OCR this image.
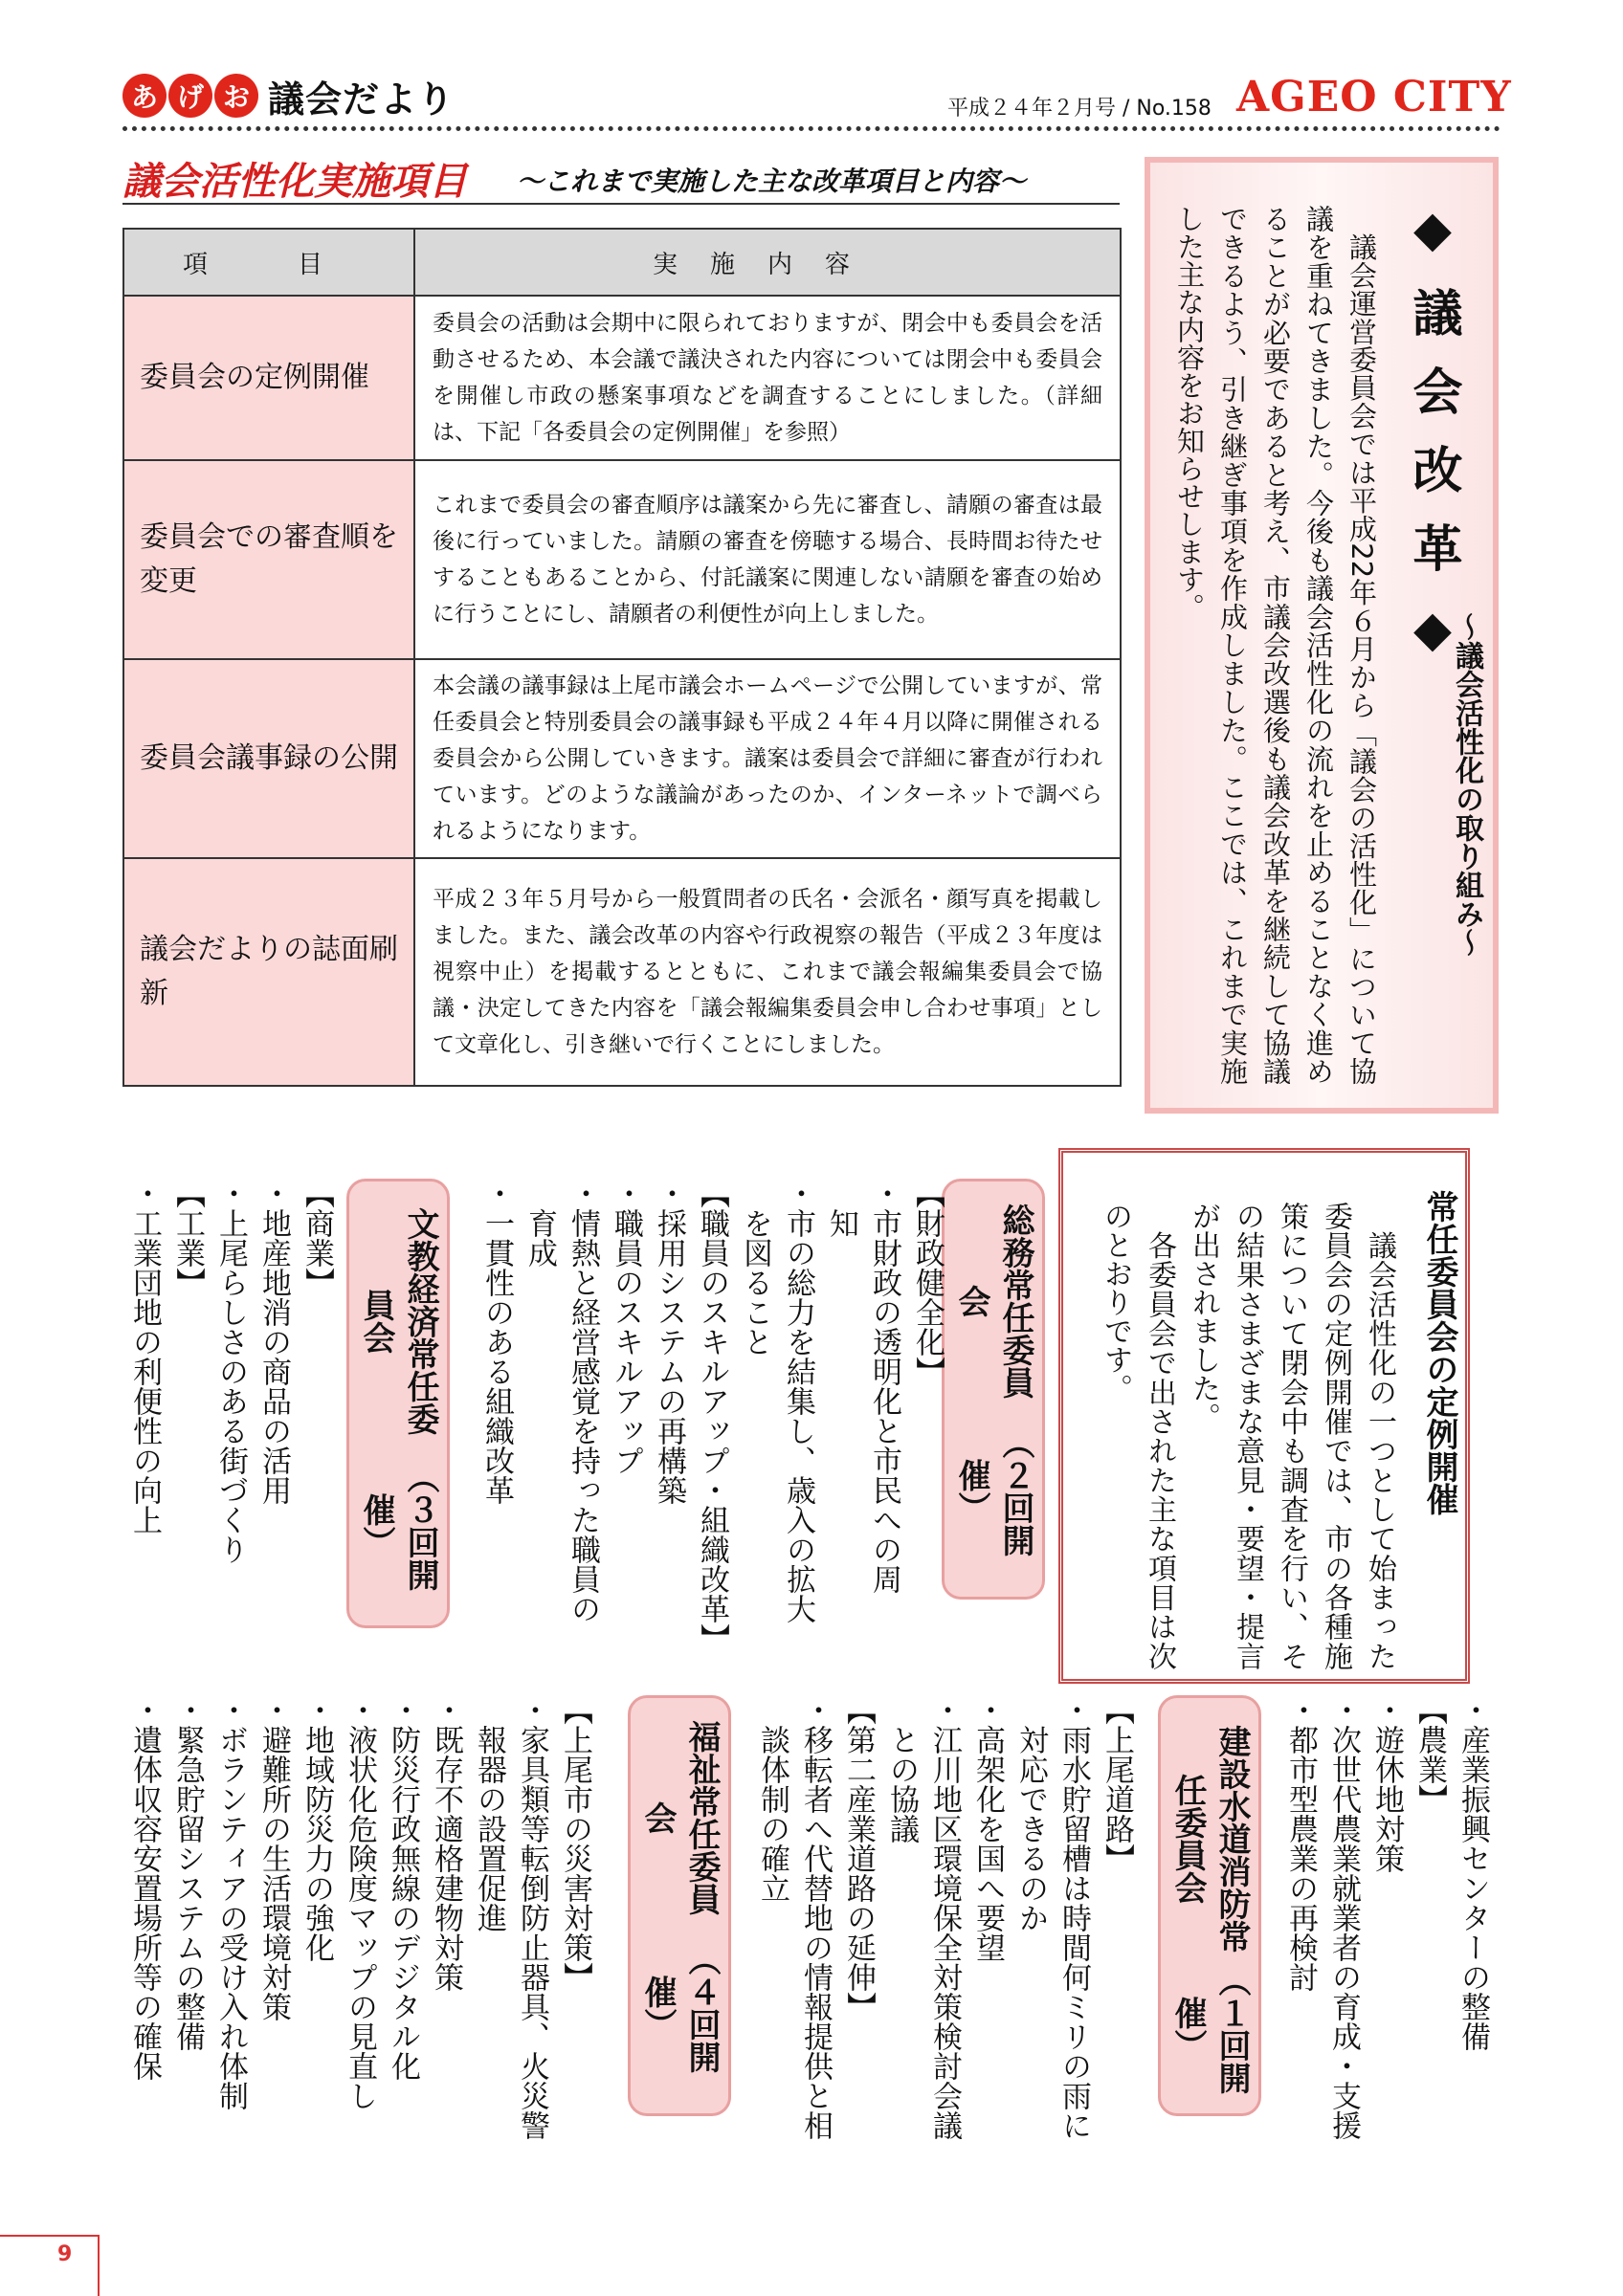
あ げ お 議会だより	平成２４年２月号 / No.158 AGEO CITY
議会活性化実施項目 ～これまで実施した主な改革項目と内容～
項　目	実施内容
委員会の定例開催	委員会の活動は会期中に限られておりますが、閉会中も委員会を活動させるため、本会議で議決された内容については閉会中も委員会を開催し市政の懸案事項などを調査することにしました。（詳細は、下記「各委員会の定例開催」を参照）
委員会での審査順を変更	これまで委員会の審査順序は議案から先に審査し、請願の審査は最後に行っていました。請願の審査を傍聴する場合、長時間お待たせすることもあることから、付託議案に関連しない請願を審査の始めに行うことにし、請願者の利便性が向上しました。
委員会議事録の公開	本会議の議事録は上尾市議会ホームページで公開していますが、常任委員会と特別委員会の議事録も平成２４年４月以降に開催される委員会から公開していきます。議案は委員会で詳細に審査が行われています。どのような議論があったのか、インターネットで調べられるようになります。
議会だよりの誌面刷新	平成２３年５月号から一般質問者の氏名・会派名・顔写真を掲載しました。また、議会改革の内容や行政視察の報告（平成２３年度は視察中止）を掲載するとともに、これまで議会報編集委員会で協議・決定してきた内容を「議会報編集委員会申し合わせ事項」として文章化し、引き継いで行くことにしました。
◆議会改革◆
～議会活性化の取り組み～
　議会運営委員会では平成22年６月から「議会の活性化」について協議を重ねてきました。今後も議会活性化の流れを止めることなく進めることが必要であると考え、市議会改選後も議会改革を継続して協議できるよう、引き継ぎ事項を作成しました。ここでは、これまで実施した主な内容をお知らせします。
常任委員会の定例開催
　議会活性化の一つとして始まった委員会の定例開催では、市の各種施策について閉会中も調査を行い、その結果さまざまな意見・要望・提言が出されました。
　各委員会で出された主な項目は次のとおりです。
総務常任委員会
（２回開催）
【財政健全化】
・市財政の透明化と市民への周
　知
・市の総力を結集し、歳入の拡大
　を図ること
【職員のスキルアップ・組織改革】
・採用システムの再構築
・職員のスキルアップ
・情熱と経営感覚を持った職員の
　育成
・一貫性のある組織改革
文教経済常任委員会
（３回開催）
【商業】
・地産地消の商品の活用
・上尾らしさのある街づくり
【工業】
・工業団地の利便性の向上
・産業振興センターの整備
【農業】
・遊休地対策
・次世代農業就業者の育成・支援
・都市型農業の再検討
建設水道消防常任委員会
（１回開催）
【上尾道路】
・雨水貯留槽は時間何ミリの雨に
　対応できるのか
・高架化を国へ要望
・江川地区環境保全対策検討会議
　との協議
【第二産業道路の延伸】
・移転者へ代替地の情報提供と相
　談体制の確立
福祉常任委員会
（４回開催）
【上尾市の災害対策】
・家具類等転倒防止器具、火災警
　報器の設置促進
・既存不適格建物対策
・防災行政無線のデジタル化
・液状化危険度マップの見直し
・地域防災力の強化
・避難所の生活環境対策
・ボランティアの受け入れ体制
・緊急貯留システムの整備
・遺体収容安置場所等の確保
9
